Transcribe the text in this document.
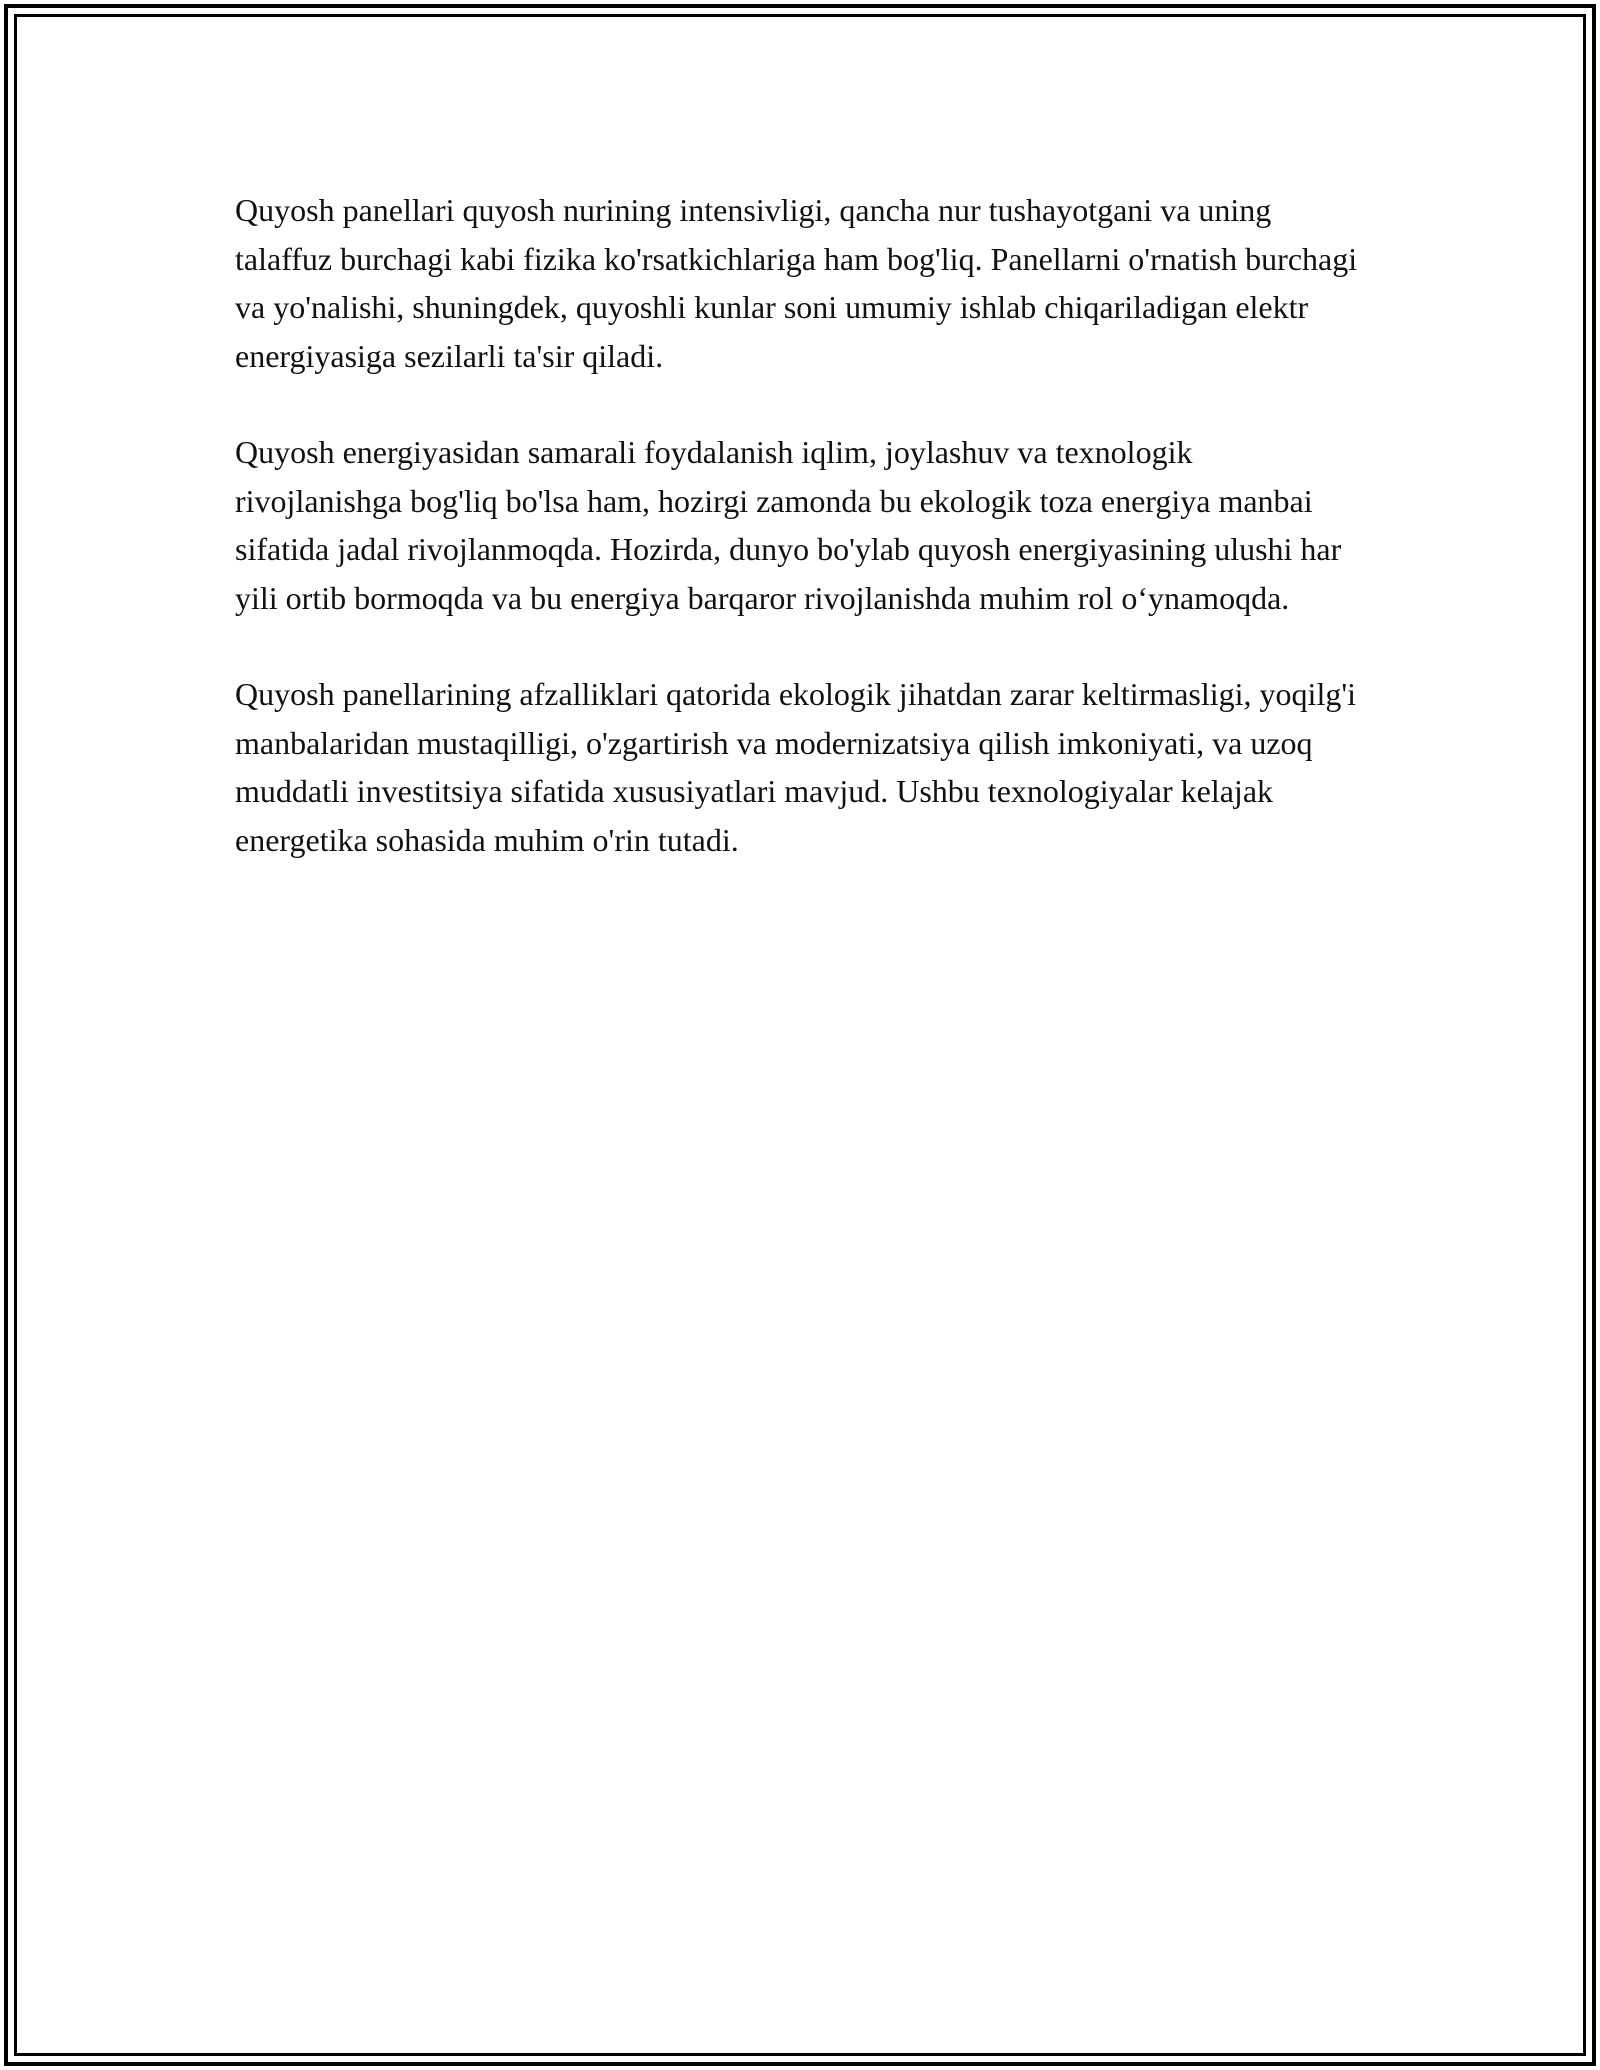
Quyosh panellari quyosh nurining intensivligi, qancha nur tushayotgani va uning talaffuz burchagi kabi fizika ko'rsatkichlariga ham bog'liq. Panellarni o'rnatish burchagi va yo'nalishi, shuningdek, quyoshli kunlar soni umumiy ishlab chiqariladigan elektr energiyasiga sezilarli ta'sir qiladi.

Quyosh energiyasidan samarali foydalanish iqlim, joylashuv va texnologik rivojlanishga bog'liq bo'lsa ham, hozirgi zamonda bu ekologik toza energiya manbai sifatida jadal rivojlanmoqda. Hozirda, dunyo bo'ylab quyosh energiyasining ulushi har yili ortib bormoqda va bu energiya barqaror rivojlanishda muhim rol o‘ynamoqda.

Quyosh panellarining afzalliklari qatorida ekologik jihatdan zarar keltirmasligi, yoqilg'i manbalaridan mustaqilligi, o'zgartirish va modernizatsiya qilish imkoniyati, va uzoq muddatli investitsiya sifatida xususiyatlari mavjud. Ushbu texnologiyalar kelajak energetika sohasida muhim o'rin tutadi.
